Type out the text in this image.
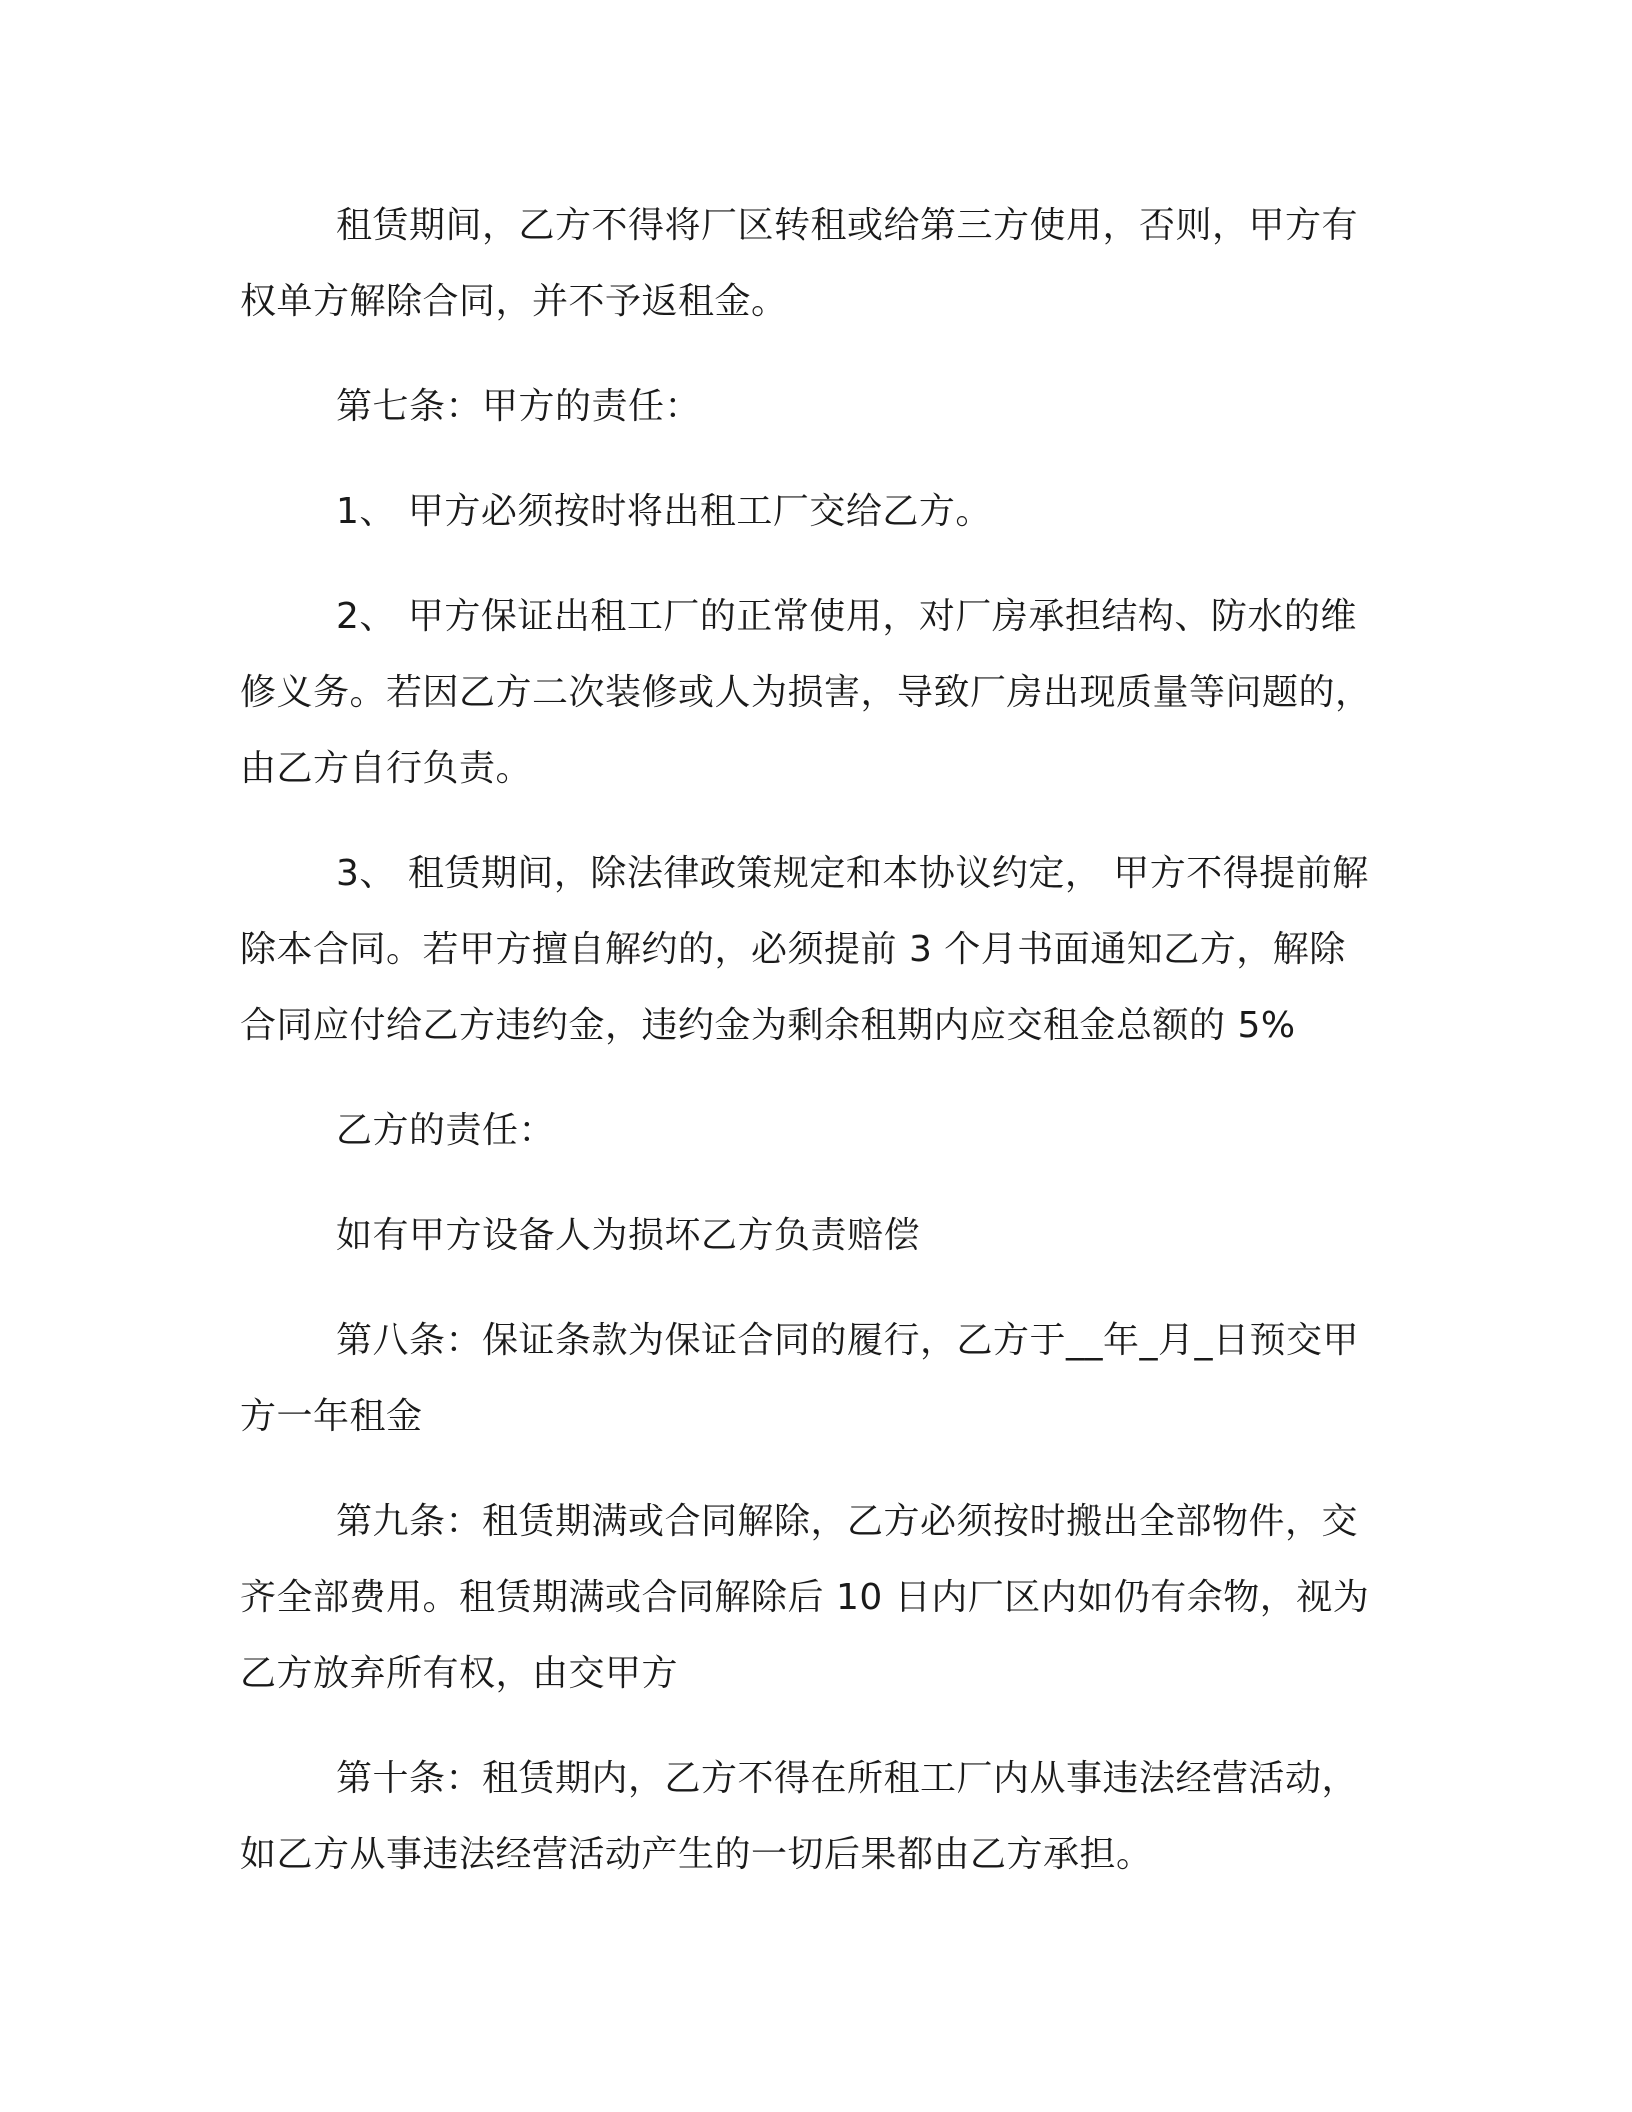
租赁期间，乙方不得将厂区转租或给第三方使用，否则，甲方有权单方解除合同，并不予返租金。

第七条：甲方的责任：

1、 甲方必须按时将出租工厂交给乙方。

2、 甲方保证出租工厂的正常使用，对厂房承担结构、防水的维修义务。若因乙方二次装修或人为损害，导致厂房出现质量等问题的，由乙方自行负责。

3、 租赁期间，除法律政策规定和本协议约定， 甲方不得提前解除本合同。若甲方擅自解约的，必须提前 3 个月书面通知乙方，解除合同应付给乙方违约金，违约金为剩余租期内应交租金总额的 5%

乙方的责任：

如有甲方设备人为损坏乙方负责赔偿

第八条：保证条款为保证合同的履行，乙方于__年_月_日预交甲方一年租金

第九条：租赁期满或合同解除，乙方必须按时搬出全部物件，交齐全部费用。租赁期满或合同解除后 10 日内厂区内如仍有余物，视为乙方放弃所有权，由交甲方

第十条：租赁期内，乙方不得在所租工厂内从事违法经营活动，如乙方从事违法经营活动产生的一切后果都由乙方承担。
